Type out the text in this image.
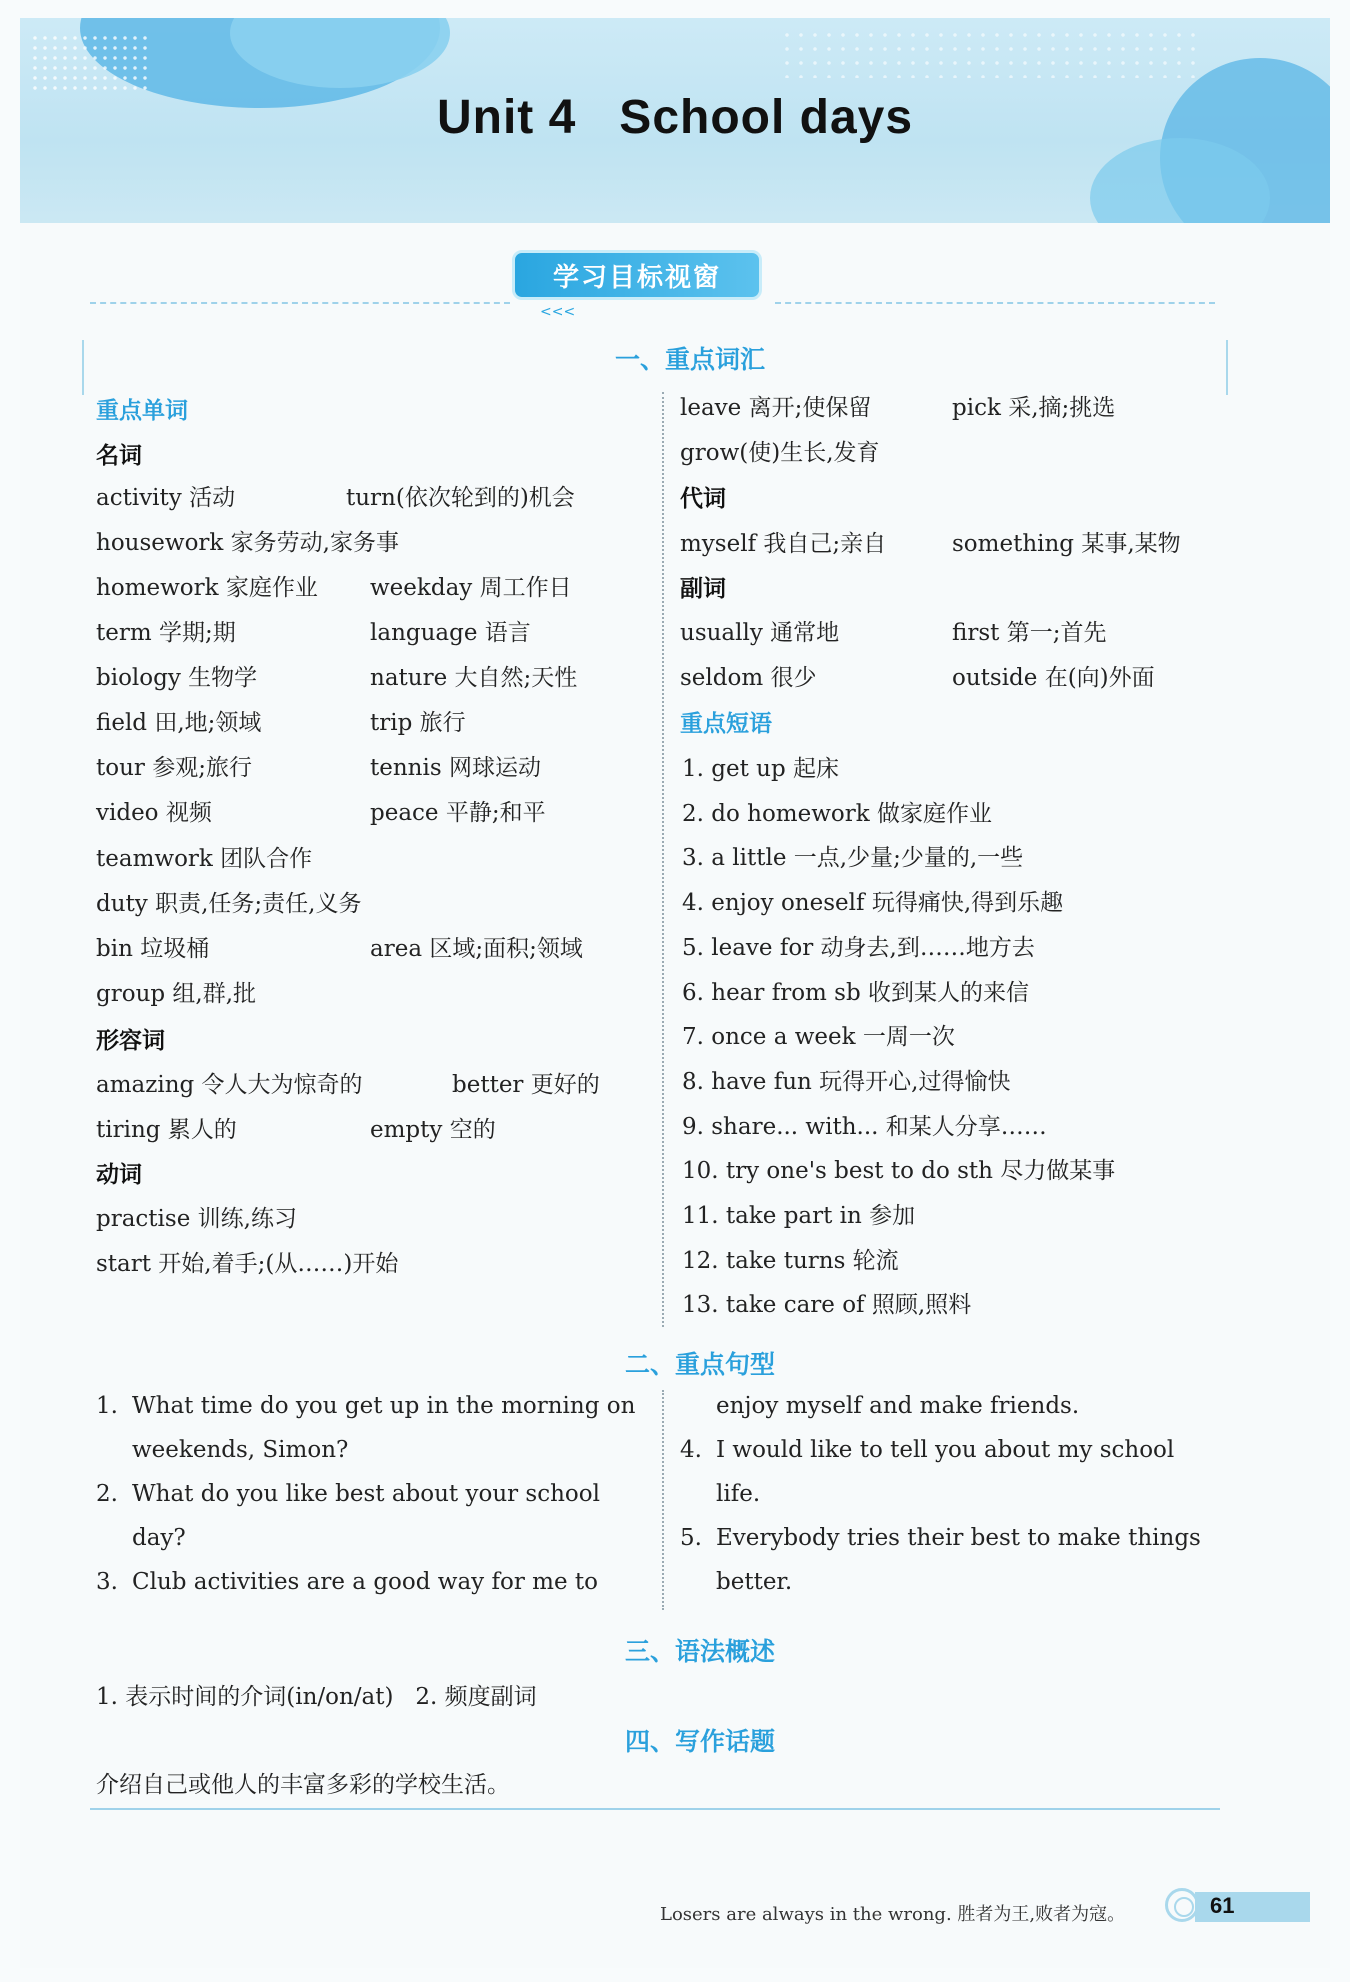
Unit 4   School days
学习目标视窗
<<<
一、重点词汇
重点单词
名词
activity 活动	turn(依次轮到的)机会
housework 家务劳动,家务事
homework 家庭作业 weekday 周工作日
term 学期;期	language 语言
biology 生物学	nature 大自然;天性
field 田,地;领域	trip 旅行
tour 参观;旅行	tennis 网球运动
video 视频	peace 平静;和平
teamwork 团队合作
duty 职责,任务;责任,义务
bin 垃圾桶	area 区域;面积;领域
group 组,群,批
形容词
amazing 令人大为惊奇的	better 更好的
tiring 累人的	empty 空的
动词
practise 训练,练习
start 开始,着手;(从……)开始
leave 离开;使保留	pick 采,摘;挑选
grow(使)生长,发育
代词
myself 我自己;亲自	something 某事,某物
副词
usually 通常地	first 第一;首先
seldom 很少	outside 在(向)外面
重点短语
1. get up 起床
2. do homework 做家庭作业
3. a little 一点,少量;少量的,一些
4. enjoy oneself 玩得痛快,得到乐趣
5. leave for 动身去,到……地方去
6. hear from sb 收到某人的来信
7. once a week 一周一次
8. have fun 玩得开心,过得愉快
9. share... with... 和某人分享……
10. try one's best to do sth 尽力做某事
11. take part in 参加
12. take turns 轮流
13. take care of 照顾,照料
二、重点句型
1. What time do you get up in the morning on
weekends, Simon?
2. What do you like best about your school
day?
3. Club activities are a good way for me to
enjoy myself and make friends.
4. I would like to tell you about my school
life.
5. Everybody tries their best to make things
better.
三、语法概述
1. 表示时间的介词(in/on/at)   2. 频度副词
四、写作话题
介绍自己或他人的丰富多彩的学校生活。
Losers are always in the wrong. 胜者为王,败者为寇。	61
